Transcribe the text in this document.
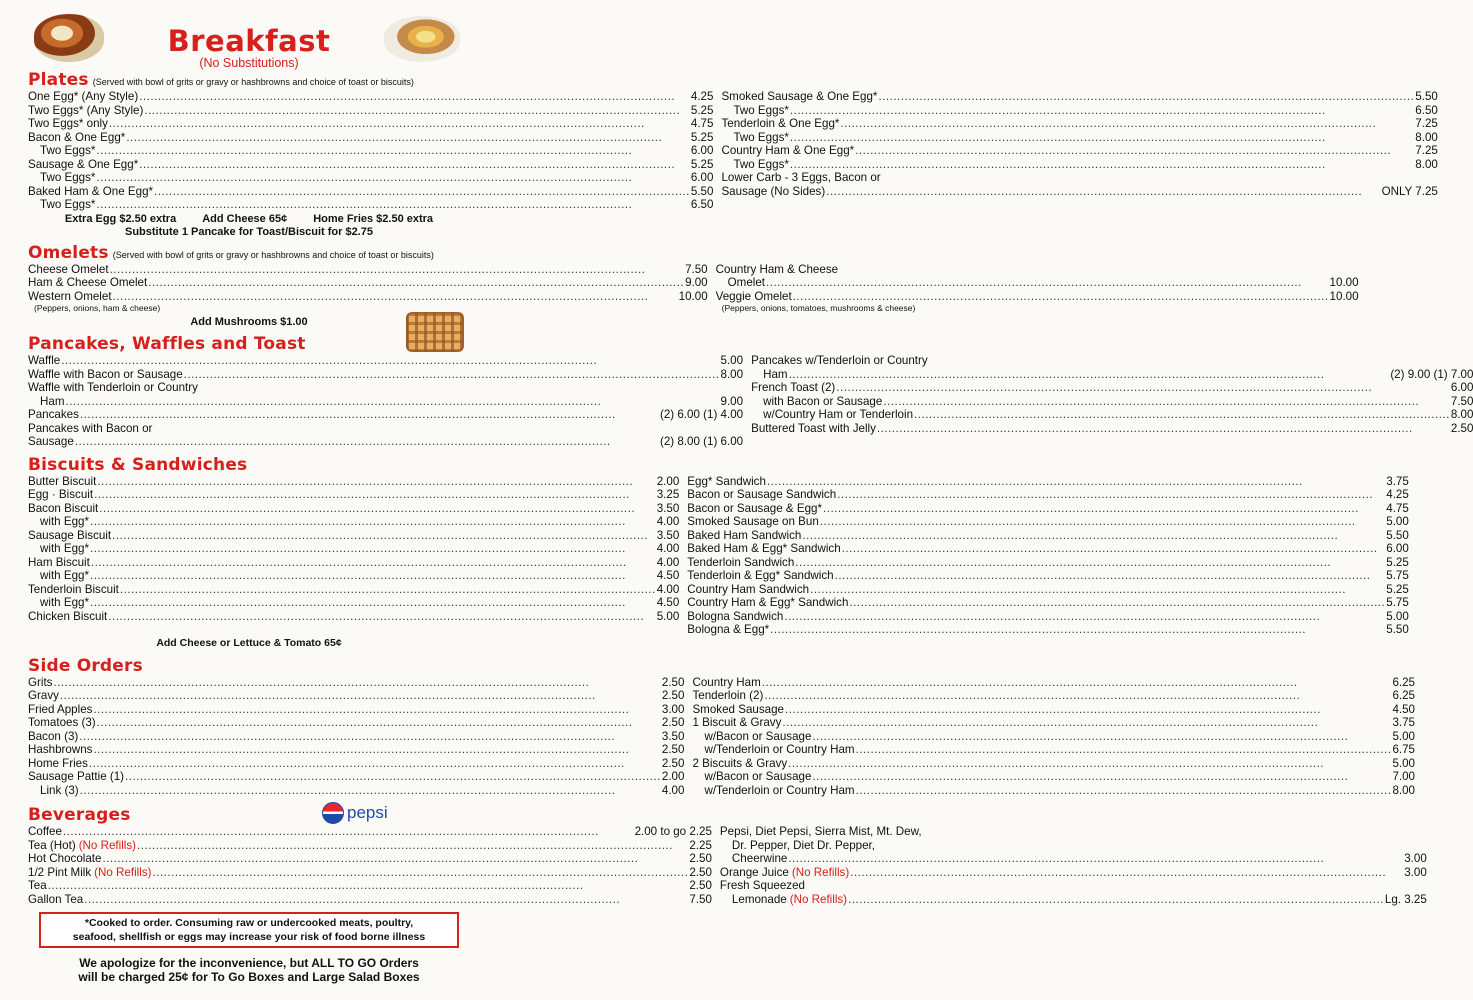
Breakfast
(No Substitutions)
Plates (Served with bowl of grits or gravy or hashbrowns and choice of toast or biscuits)
One Egg* (Any Style) .....	4.25
Two Eggs* (Any Style) .....	5.25
Two Eggs* only .....	4.75
Bacon & One Egg* .....	5.25
Two Eggs* .....	6.00
Sausage & One Egg* .....	5.25
Two Eggs* .....	6.00
Baked Ham & One Egg* .....	5.50
Two Eggs* .....	6.50
Smoked Sausage & One Egg* .....	5.50
Two Eggs* .....	6.50
Tenderloin & One Egg* .....	7.25
Two Eggs* .....	8.00
Country Ham & One Egg* .....	7.25
Two Eggs* .....	8.00
Lower Carb - 3 Eggs, Bacon or
Sausage (No Sides) .....	ONLY 7.25
Extra Egg $2.50 extra Add Cheese 65¢ Home Fries $2.50 extra
Substitute 1 Pancake for Toast/Biscuit for $2.75
Omelets (Served with bowl of grits or gravy or hashbrowns and choice of toast or biscuits)
Cheese Omelet .....	7.50
Ham & Cheese Omelet .....	9.00
Western Omelet .....	10.00
(Peppers, onions, ham & cheese)
Country Ham & Cheese
Omelet .....	10.00
Veggie Omelet .....	10.00
(Peppers, onions, tomatoes, mushrooms & cheese)
Add Mushrooms $1.00
Pancakes, Waffles and Toast
Waffle .....	5.00
Waffle with Bacon or Sausage .....	8.00
Waffle with Tenderloin or Country
Ham .....	9.00
Pancakes .....	(2) 6.00 (1) 4.00
Pancakes with Bacon or
Sausage .....	(2) 8.00 (1) 6.00
Pancakes w/Tenderloin or Country
Ham .....	(2) 9.00 (1) 7.00
French Toast (2) .....	6.00
with Bacon or Sausage .....	7.50
w/Country Ham or Tenderloin .....	8.00
Buttered Toast with Jelly .....	2.50
Biscuits & Sandwiches
Butter Biscuit .....	2.00
Egg · Biscuit .....	3.25
Bacon Biscuit .....	3.50
with Egg* .....	4.00
Sausage Biscuit .....	3.50
with Egg* .....	4.00
Ham Biscuit .....	4.00
with Egg* .....	4.50
Tenderloin Biscuit .....	4.00
with Egg* .....	4.50
Chicken Biscuit .....	5.00
Egg* Sandwich .....	3.75
Bacon or Sausage Sandwich .....	4.25
Bacon or Sausage & Egg* .....	4.75
Smoked Sausage on Bun .....	5.00
Baked Ham Sandwich .....	5.50
Baked Ham & Egg* Sandwich .....	6.00
Tenderloin Sandwich .....	5.25
Tenderloin & Egg* Sandwich .....	5.75
Country Ham Sandwich .....	5.25
Country Ham & Egg* Sandwich .....	5.75
Bologna Sandwich .....	5.00
Bologna & Egg* .....	5.50
Add Cheese or Lettuce & Tomato 65¢
Side Orders
Grits .....	2.50
Gravy .....	2.50
Fried Apples .....	3.00
Tomatoes (3) .....	2.50
Bacon (3) .....	3.50
Hashbrowns .....	2.50
Home Fries .....	2.50
Sausage Pattie (1) .....	2.00
Link (3) .....	4.00
Country Ham .....	6.25
Tenderloin (2) .....	6.25
Smoked Sausage .....	4.50
1 Biscuit & Gravy .....	3.75
w/Bacon or Sausage .....	5.00
w/Tenderloin or Country Ham .....	6.75
2 Biscuits & Gravy .....	5.00
w/Bacon or Sausage .....	7.00
w/Tenderloin or Country Ham .....	8.00
Beverages
Coffee .....	2.00 to go 2.25
Tea (Hot) (No Refills) .....	2.25
Hot Chocolate .....	2.50
1/2 Pint Milk (No Refills) .....	2.50
Tea .....	2.50
Gallon Tea .....	7.50
Pepsi, Diet Pepsi, Sierra Mist, Mt. Dew,
Dr. Pepper, Diet Dr. Pepper,
Cheerwine .....	3.00
Orange Juice (No Refills) .....	3.00
Fresh Squeezed
Lemonade (No Refills) .....	Lg. 3.25
pepsi
*Cooked to order. Consuming raw or undercooked meats, poultry,
seafood, shellfish or eggs may increase your risk of food borne illness
We apologize for the inconvenience, but ALL TO GO Orders
will be charged 25¢ for To Go Boxes and Large Salad Boxes
